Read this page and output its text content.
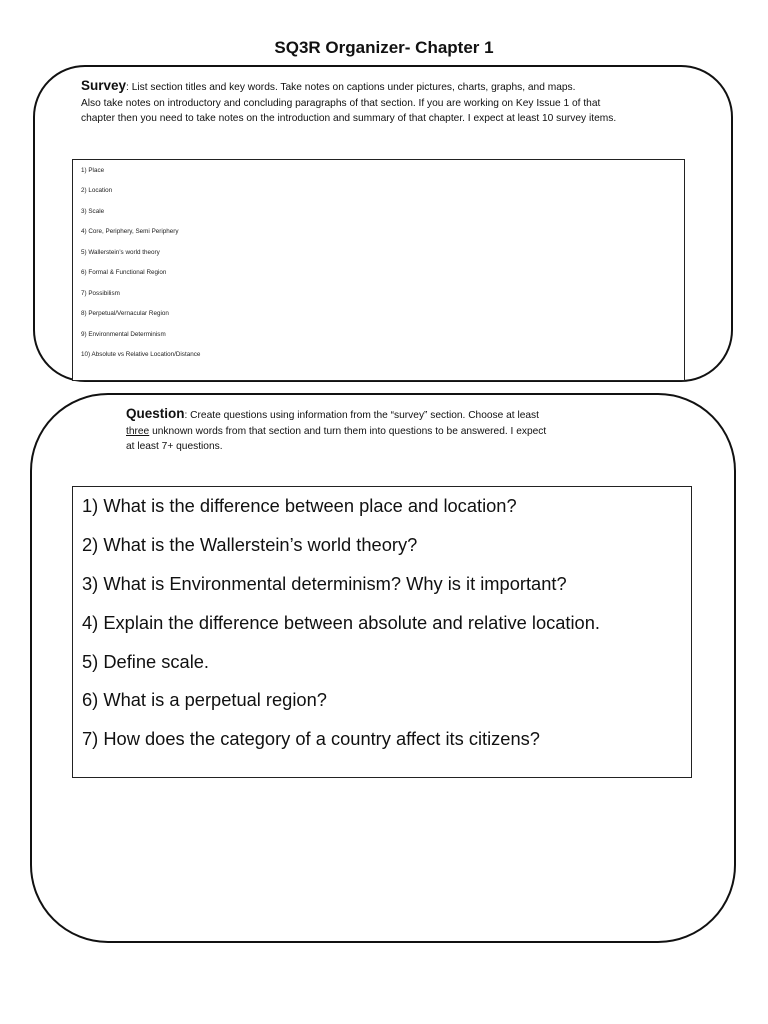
SQ3R Organizer- Chapter 1
Survey: List section titles and key words. Take notes on captions under pictures, charts, graphs, and maps.
Also take notes on introductory and concluding paragraphs of that section. If you are working on Key Issue 1 of that
chapter then you need to take notes on the introduction and summary of that chapter. I expect at least 10 survey items.
1) Place
2) Location
3) Scale
4) Core, Periphery, Semi Periphery
5) Wallerstein’s world theory
6) Formal & Functional Region
7) Possibilism
8) Perpetual/Vernacular Region
9) Environmental Determinism
10) Absolute vs Relative Location/Distance
Question: Create questions using information from the “survey” section. Choose at least
three unknown words from that section and turn them into questions to be answered. I expect
at least 7+ questions.
1) What is the difference between place and location?
2) What is the Wallerstein’s world theory?
3) What is Environmental determinism? Why is it important?
4) Explain the difference between absolute and relative location.
5) Define scale.
6) What is a perpetual region?
7) How does the category of a country affect its citizens?
